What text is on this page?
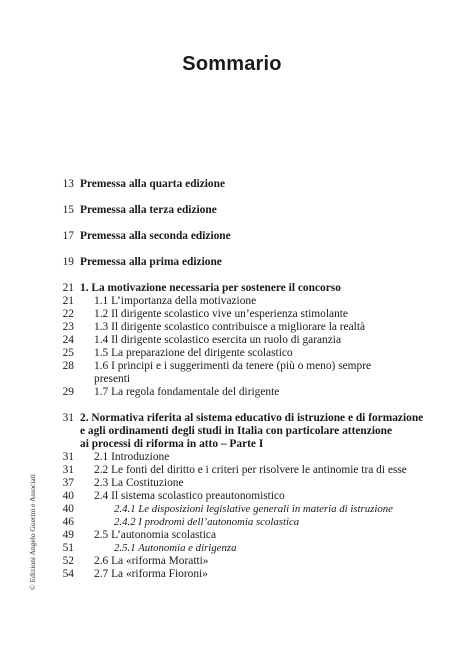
Sommario
13 Premessa alla quarta edizione
15 Premessa alla terza edizione
17 Premessa alla seconda edizione
19 Premessa alla prima edizione
21 1. La motivazione necessaria per sostenere il concorso
21 1.1 L’importanza della motivazione
22 1.2 Il dirigente scolastico vive un’esperienza stimolante
23 1.3 Il dirigente scolastico contribuisce a migliorare la realtà
24 1.4 Il dirigente scolastico esercita un ruolo di garanzia
25 1.5 La preparazione del dirigente scolastico
28 1.6 I principi e i suggerimenti da tenere (più o meno) sempre
presenti
29 1.7 La regola fondamentale del dirigente
31 2. Normativa riferita al sistema educativo di istruzione e di formazione
e agli ordinamenti degli studi in Italia con particolare attenzione
ai processi di riforma in atto – Parte I
31 2.1 Introduzione
31 2.2 Le fonti del diritto e i criteri per risolvere le antinomie tra di esse
37 2.3 La Costituzione
40 2.4 Il sistema scolastico preautonomistico
40	2.4.1 Le disposizioni legislative generali in materia di istruzione
46	2.4.2 I prodromi dell’autonomia scolastica
49 2.5 L’autonomia scolastica
51	2.5.1 Autonomia e dirigenza
52 2.6 La «riforma Moratti»
54 2.7 La «riforma Fioroni»
© Edizioni Angelo Guerini e Associati
